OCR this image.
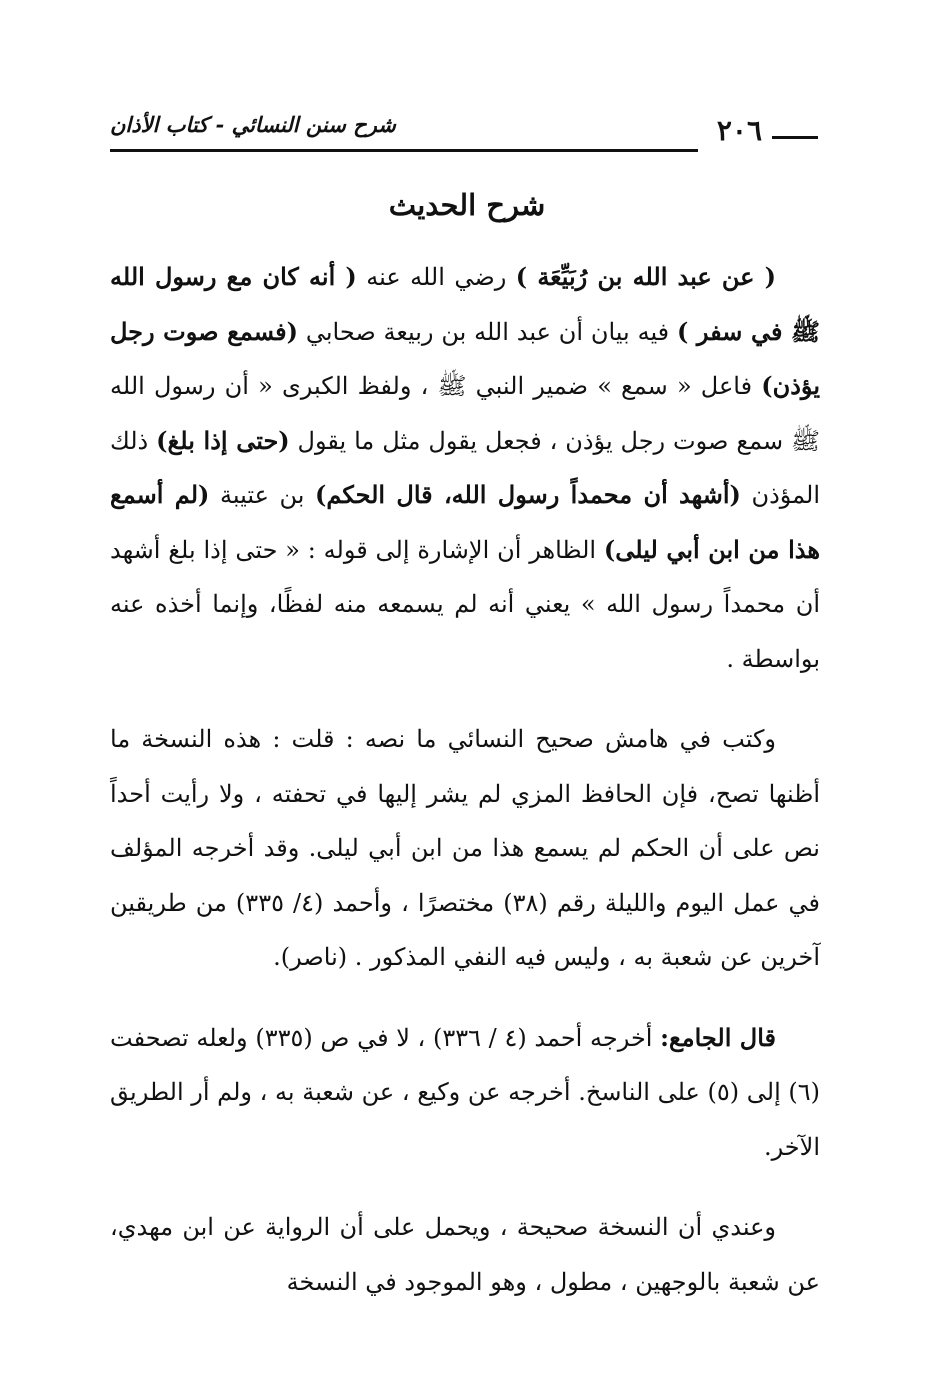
٢٠٦
شرح سنن النسائي - كتاب الأذان
شرح الحديث

( عن عبد الله بن رُبَيِّعَة ) رضي الله عنه ( أنه كان مع رسول الله ﷺ في سفر ) فيه بيان أن عبد الله بن ربيعة صحابي (فسمع صوت رجل يؤذن) فاعل « سمع » ضمير النبي ﷺ ، ولفظ الكبرى « أن رسول الله ﷺ سمع صوت رجل يؤذن ، فجعل يقول مثل ما يقول (حتى إذا بلغ) ذلك المؤذن (أشهد أن محمداً رسول الله، قال الحكم) بن عتيبة (لم أسمع هذا من ابن أبي ليلى) الظاهر أن الإشارة إلى قوله : « حتى إذا بلغ أشهد أن محمداً رسول الله » يعني أنه لم يسمعه منه لفظًا، وإنما أخذه عنه بواسطة .

وكتب في هامش صحيح النسائي ما نصه : قلت : هذه النسخة ما أظنها تصح، فإن الحافظ المزي لم يشر إليها في تحفته ، ولا رأيت أحداً نص على أن الحكم لم يسمع هذا من ابن أبي ليلى. وقد أخرجه المؤلف في عمل اليوم والليلة رقم (٣٨) مختصرًا ، وأحمد (٤/ ٣٣٥) من طريقين آخرين عن شعبة به ، وليس فيه النفي المذكور . (ناصر).

قال الجامع: أخرجه أحمد (٤ / ٣٣٦) ، لا في ص (٣٣٥) ولعله تصحفت (٦) إلى (٥) على الناسخ. أخرجه عن وكيع ، عن شعبة به ، ولم أر الطريق الآخر.

وعندي أن النسخة صحيحة ، ويحمل على أن الرواية عن ابن مهدي، عن شعبة بالوجهين ، مطول ، وهو الموجود في النسخة
